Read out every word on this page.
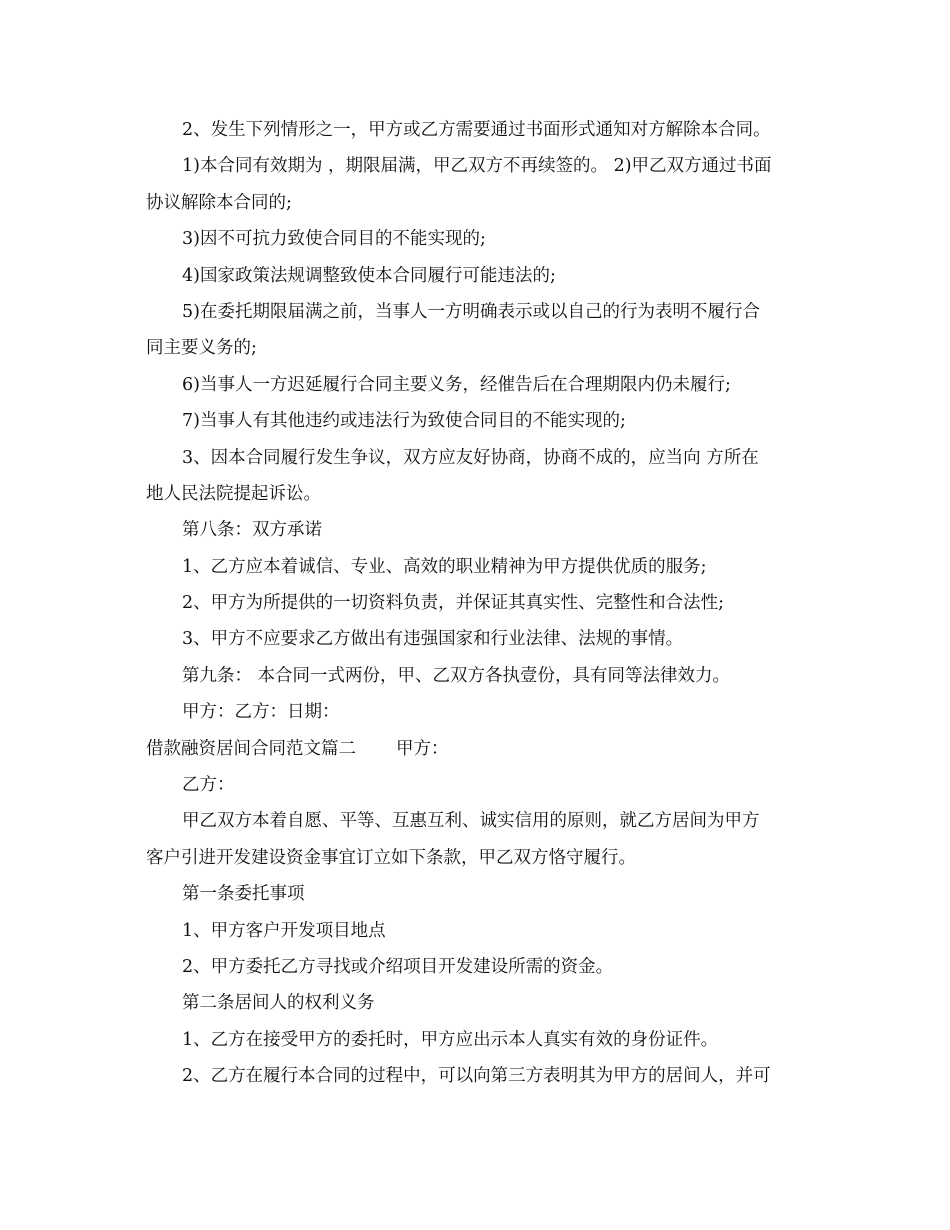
2、发生下列情形之一，甲方或乙方需要通过书面形式通知对方解除本合同。
1)本合同有效期为 ，期限届满，甲乙双方不再续签的。 2)甲乙双方通过书面
协议解除本合同的;
3)因不可抗力致使合同目的不能实现的;
4)国家政策法规调整致使本合同履行可能违法的;
5)在委托期限届满之前，当事人一方明确表示或以自己的行为表明不履行合
同主要义务的;
6)当事人一方迟延履行合同主要义务，经催告后在合理期限内仍未履行;
7)当事人有其他违约或违法行为致使合同目的不能实现的;
3、因本合同履行发生争议，双方应友好协商，协商不成的，应当向 方所在
地人民法院提起诉讼。
第八条：双方承诺
1、乙方应本着诚信、专业、高效的职业精神为甲方提供优质的服务;
2、甲方为所提供的一切资料负责，并保证其真实性、完整性和合法性;
3、甲方不应要求乙方做出有违强国家和行业法律、法规的事情。
第九条： 本合同一式两份，甲、乙双方各执壹份，具有同等法律效力。
甲方：乙方：日期：
借款融资居间合同范文篇二 甲方：
乙方：
甲乙双方本着自愿、平等、互惠互利、诚实信用的原则，就乙方居间为甲方
客户引进开发建设资金事宜订立如下条款，甲乙双方恪守履行。
第一条委托事项
1、甲方客户开发项目地点
2、甲方委托乙方寻找或介绍项目开发建设所需的资金。
第二条居间人的权利义务
1、乙方在接受甲方的委托时，甲方应出示本人真实有效的身份证件。
2、乙方在履行本合同的过程中，可以向第三方表明其为甲方的居间人，并可
